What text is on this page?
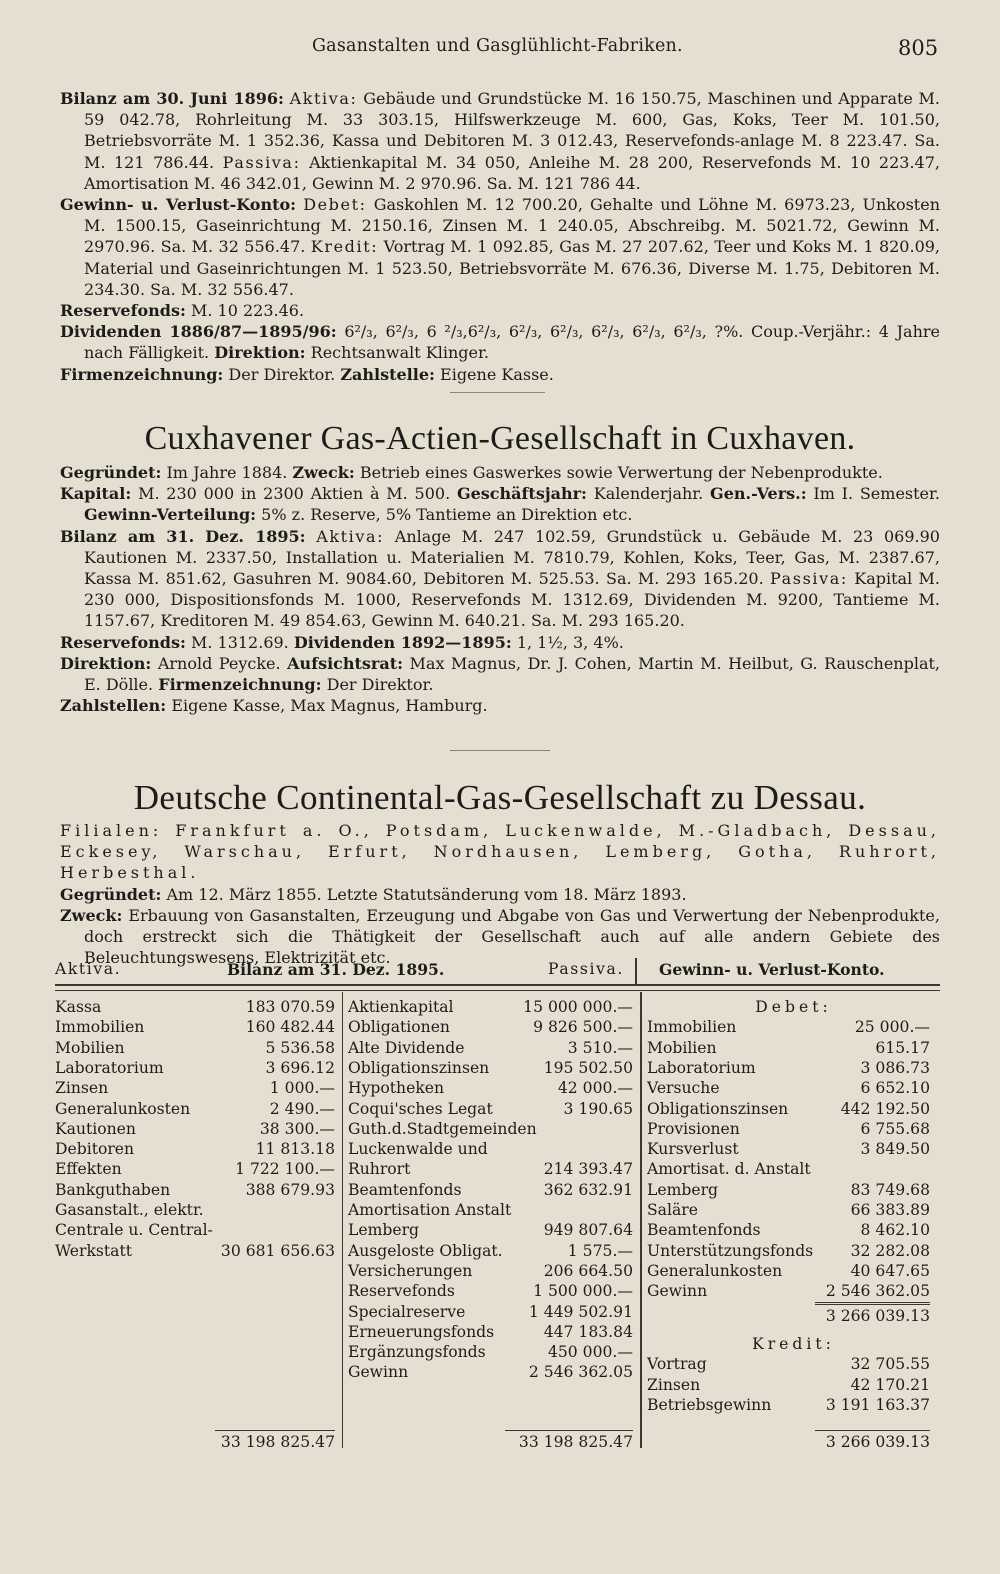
Gasanstalten und Gasglühlicht-Fabriken.	805

Bilanz am 30. Juni 1896: Aktiva: Gebäude und Grundstücke M. 16 150.75, Maschinen und Apparate M. 59 042.78, Rohrleitung M. 33 303.15, Hilfswerkzeuge M. 600, Gas, Koks, Teer M. 101.50, Betriebsvorräte M. 1 352.36, Kassa und Debitoren M. 3 012.43, Reservefonds-anlage M. 8 223.47. Sa. M. 121 786.44. Passiva: Aktienkapital M. 34 050, Anleihe M. 28 200, Reservefonds M. 10 223.47, Amortisation M. 46 342.01, Gewinn M. 2 970.96. Sa. M. 121 786 44.

Gewinn- u. Verlust-Konto: Debet: Gaskohlen M. 12 700.20, Gehalte und Löhne M. 6973.23, Unkosten M. 1500.15, Gaseinrichtung M. 2150.16, Zinsen M. 1 240.05, Abschreibg. M. 5021.72, Gewinn M. 2970.96. Sa. M. 32 556.47. Kredit: Vortrag M. 1 092.85, Gas M. 27 207.62, Teer und Koks M. 1 820.09, Material und Gaseinrichtungen M. 1 523.50, Betriebsvorräte M. 676.36, Diverse M. 1.75, Debitoren M. 234.30. Sa. M. 32 556.47.

Reservefonds: M. 10 223.46.

Dividenden 1886/87—1895/96: 6²/₃, 6²/₃, 6 ²/₃,6²/₃, 6²/₃, 6²/₃, 6²/₃, 6²/₃, 6²/₃, ?%. Coup.-Verjähr.: 4 Jahre nach Fälligkeit. Direktion: Rechtsanwalt Klinger.

Firmenzeichnung: Der Direktor. Zahlstelle: Eigene Kasse.

Cuxhavener Gas-Actien-Gesellschaft in Cuxhaven.

Gegründet: Im Jahre 1884. Zweck: Betrieb eines Gaswerkes sowie Verwertung der Nebenprodukte.

Kapital: M. 230 000 in 2300 Aktien à M. 500. Geschäftsjahr: Kalenderjahr. Gen.-Vers.: Im I. Semester. Gewinn-Verteilung: 5% z. Reserve, 5% Tantieme an Direktion etc.

Bilanz am 31. Dez. 1895: Aktiva: Anlage M. 247 102.59, Grundstück u. Gebäude M. 23 069.90 Kautionen M. 2337.50, Installation u. Materialien M. 7810.79, Kohlen, Koks, Teer, Gas, M. 2387.67, Kassa M. 851.62, Gasuhren M. 9084.60, Debitoren M. 525.53. Sa. M. 293 165.20. Passiva: Kapital M. 230 000, Dispositionsfonds M. 1000, Reservefonds M. 1312.69, Dividenden M. 9200, Tantieme M. 1157.67, Kreditoren M. 49 854.63, Gewinn M. 640.21. Sa. M. 293 165.20.

Reservefonds: M. 1312.69. Dividenden 1892—1895: 1, 1½, 3, 4%.

Direktion: Arnold Peycke. Aufsichtsrat: Max Magnus, Dr. J. Cohen, Martin M. Heilbut, G. Rauschenplat, E. Dölle. Firmenzeichnung: Der Direktor.

Zahlstellen: Eigene Kasse, Max Magnus, Hamburg.

Deutsche Continental-Gas-Gesellschaft zu Dessau.

Filialen: Frankfurt a. O., Potsdam, Luckenwalde, M.-Gladbach, Dessau, Eckesey, Warschau, Erfurt, Nordhausen, Lemberg, Gotha, Ruhrort, Herbesthal.

Gegründet: Am 12. März 1855. Letzte Statutsänderung vom 18. März 1893.

Zweck: Erbauung von Gasanstalten, Erzeugung und Abgabe von Gas und Verwertung der Nebenprodukte, doch erstreckt sich die Thätigkeit der Gesellschaft auch auf alle andern Gebiete des Beleuchtungswesens, Elektrizität etc.

Aktiva.	Bilanz am 31. Dez. 1895.	Passiva. Gewinn- u. Verlust-Konto.
Kassa	183 070.59
Immobilien	160 482.44
Mobilien	5 536.58
Laboratorium	3 696.12
Zinsen	1 000.—
Generalunkosten	2 490.—
Kautionen	38 300.—
Debitoren	11 813.18
Effekten	1 722 100.—
Bankguthaben	388 679.93
Gasanstalt., elektr.
Centrale u. Central-
Werkstatt	30 681 656.63
33 198 825.47
Aktienkapital	15 000 000.—
Obligationen	9 826 500.—
Alte Dividende	3 510.—
Obligationszinsen	195 502.50
Hypotheken	42 000.—
Coqui'sches Legat	3 190.65
Guth.d.Stadtgemeinden
Luckenwalde und
Ruhrort	214 393.47
Beamtenfonds	362 632.91
Amortisation Anstalt
Lemberg	949 807.64
Ausgeloste Obligat.	1 575.—
Versicherungen	206 664.50
Reservefonds	1 500 000.—
Specialreserve	1 449 502.91
Erneuerungsfonds	447 183.84
Ergänzungsfonds	450 000.—
Gewinn	2 546 362.05
33 198 825.47
Debet:
Immobilien	25 000.—
Mobilien	615.17
Laboratorium	3 086.73
Versuche	6 652.10
Obligationszinsen	442 192.50
Provisionen	6 755.68
Kursverlust	3 849.50
Amortisat. d. Anstalt
Lemberg	83 749.68
Saläre	66 383.89
Beamtenfonds	8 462.10
Unterstützungsfonds 32 282.08
Generalunkosten	40 647.65
Gewinn	2 546 362.05
3 266 039.13
Kredit:
Vortrag	32 705.55
Zinsen	42 170.21
Betriebsgewinn	3 191 163.37
3 266 039.13
